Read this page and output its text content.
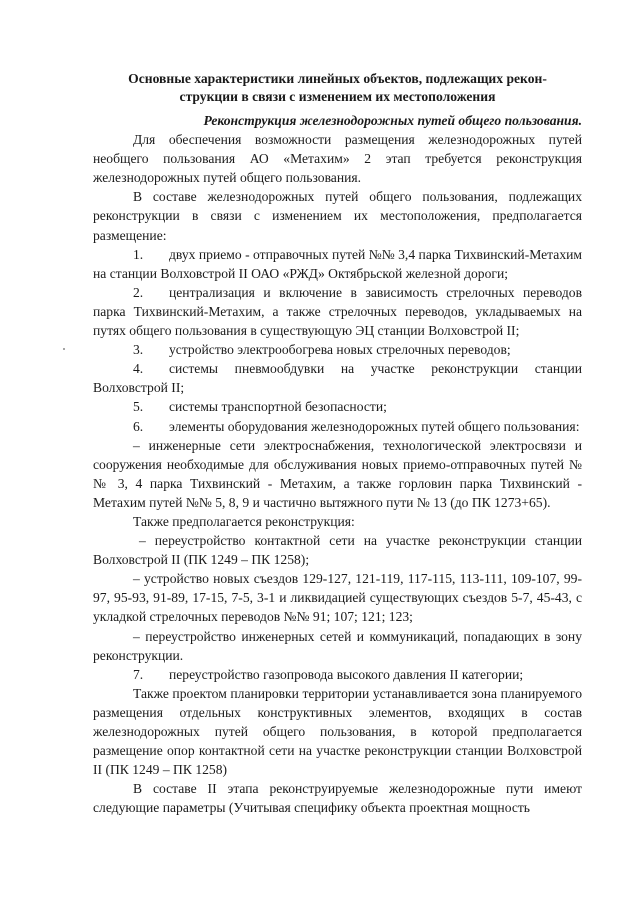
Основные характеристики линейных объектов, подлежащих рекон-
струкции в связи с изменением их местоположения

Реконструкция железнодорожных путей общего пользования.

Для обеспечения возможности размещения железнодорожных путей необщего пользования АО «Метахим» 2 этап требуется реконструкция железнодорожных путей общего пользования.

В составе железнодорожных путей общего пользования, подлежащих реконструкции в связи с изменением их местоположения, предполагается размещение:

1. двух приемо - отправочных путей №№ 3,4 парка Тихвинский-Метахим на станции Волховстрой II ОАО «РЖД» Октябрьской железной дороги;

2. централизация и включение в зависимость стрелочных переводов парка Тихвинский-Метахим, а также стрелочных переводов, укладываемых на путях общего пользования в существующую ЭЦ станции Волховстрой II;

3. устройство электрообогрева новых стрелочных переводов;

4. системы пневмообдувки на участке реконструкции станции Волховстрой II;

5. системы транспортной безопасности;

6. элементы оборудования железнодорожных путей общего пользования:

– инженерные сети электроснабжения, технологической электросвязи и сооружения необходимые для обслуживания новых приемо-отправочных путей №№ 3, 4 парка Тихвинский - Метахим, а также горловин парка Тихвинский - Метахим путей №№ 5, 8, 9 и частично вытяжного пути № 13 (до ПК 1273+65).

Также предполагается реконструкция:

– переустройство контактной сети на участке реконструкции станции Волховстрой II (ПК 1249 – ПК 1258);

– устройство новых съездов 129-127, 121-119, 117-115, 113-111, 109-107, 99-97, 95-93, 91-89, 17-15, 7-5, 3-1 и ликвидацией существующих съездов 5-7, 45-43, с укладкой стрелочных переводов №№ 91; 107; 121; 123;

– переустройство инженерных сетей и коммуникаций, попадающих в зону реконструкции.

7. переустройство газопровода высокого давления II категории;

Также проектом планировки территории устанавливается зона планируемого размещения отдельных конструктивных элементов, входящих в состав железнодорожных путей общего пользования, в которой предполагается размещение опор контактной сети на участке реконструкции станции Волховстрой II (ПК 1249 – ПК 1258)

В составе II этапа реконструируемые железнодорожные пути имеют следующие параметры (Учитывая специфику объекта проектная мощность
